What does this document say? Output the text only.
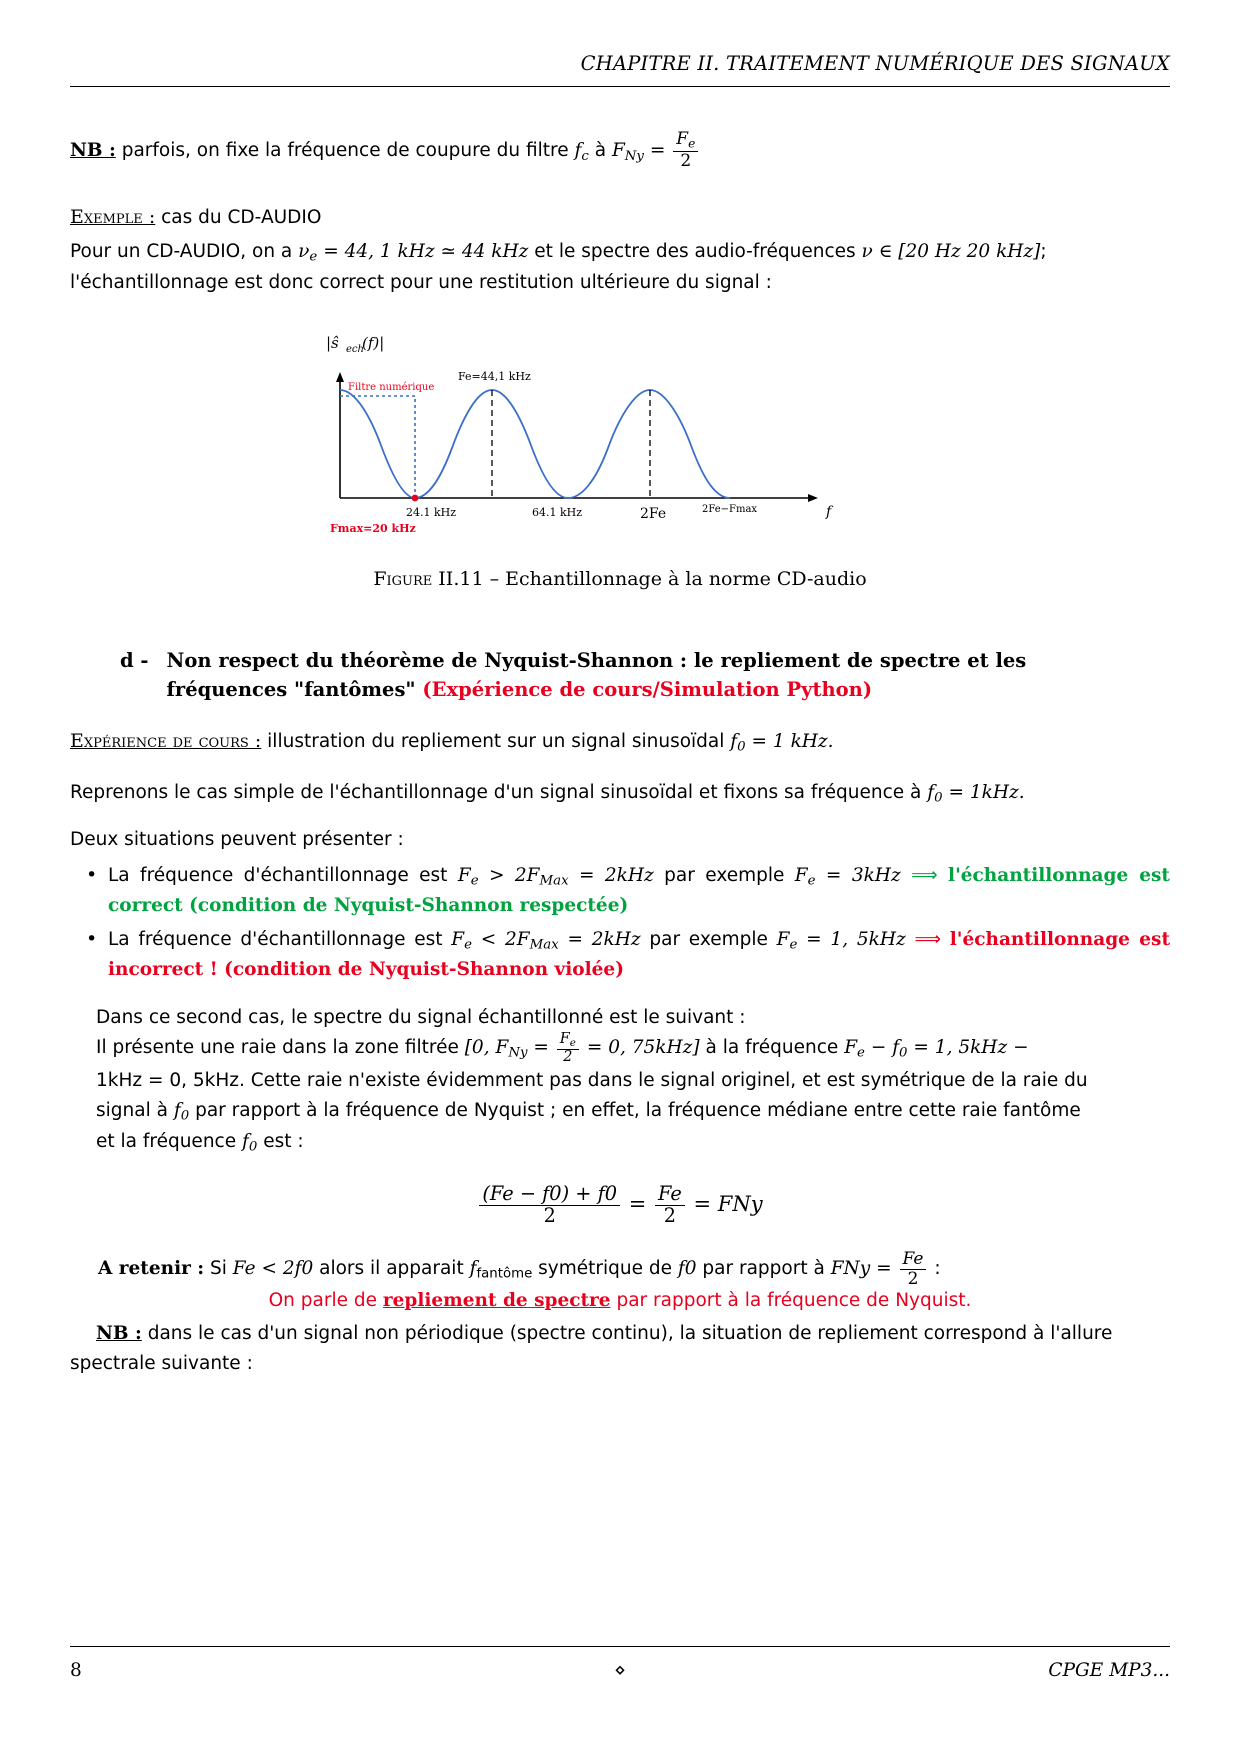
CHAPITRE II. TRAITEMENT NUMÉRIQUE DES SIGNAUX
NB : parfois, on fixe la fréquence de coupure du filtre $f_c$ à $F_{Ny} = \frac{F_e}{2}$
Exemple : cas du CD-AUDIO
Pour un CD-AUDIO, on a $\nu_e = 44$, 1 kHz ≃ 44 kHz et le spectre des audio-fréquences ν ∈ [20 Hz 20 kHz];
l'échantillonnage est donc correct pour une restitution ultérieure du signal :
|ŝ ech
(f)|
f
Filtre numérique
Fe=44,1 kHz
24.1 kHz	64.1 kHz	2Fe	2Fe−Fmax
Fmax=20 kHz
Figure II.11 – Echantillonnage à la norme CD-audio
d - Non respect du théorème de Nyquist-Shannon : le repliement de spectre et les
fréquences "fantômes" (Expérience de cours/Simulation Python)
Expérience de cours : illustration du repliement sur un signal sinusoïdal $f_0 = 1$ kHz.
Reprenons le cas simple de l'échantillonnage d'un signal sinusoïdal et fixons sa fréquence à $f_0 = 1kHz$.
Deux situations peuvent présenter :
• La fréquence d'échantillonnage est $F_e > 2F_{Max} = 2kHz$ par exemple $F_e = 3kHz$ ⟹ l'échantillonnage est correct (condition de Nyquist-Shannon respectée)
• La fréquence d'échantillonnage est $F_e < 2F_{Max} = 2kHz$ par exemple $F_e = 1$, 5kHz ⟹ l'échantillonnage est incorrect ! (condition de Nyquist-Shannon violée)
Dans ce second cas, le spectre du signal échantillonné est le suivant :
Il présente une raie dans la zone filtrée [0, $F_{Ny} = \frac{F_e}{2} = 0$, 75kHz] à la fréquence $F_e - f_0 = 1$, 5kHz −
1kHz = 0, 5kHz. Cette raie n'existe évidemment pas dans le signal originel, et est symétrique de la raie du
signal à $f_0$ par rapport à la fréquence de Nyquist ; en effet, la fréquence médiane entre cette raie fantôme
et la fréquence $f_0$ est :
$\frac{(Fe - f0) + f0}{2} = \frac{Fe}{2}$ = FNy
A retenir : Si Fe < 2f0 alors il apparait $f_{fantôme}$ symétrique de f0 par rapport à FNy = $\frac{Fe}{2}$ :
On parle de repliement de spectre par rapport à la fréquence de Nyquist.
NB : dans le cas d'un signal non périodique (spectre continu), la situation de repliement correspond à l'allure
spectrale suivante :
8	⋄	CPGE MP3...
